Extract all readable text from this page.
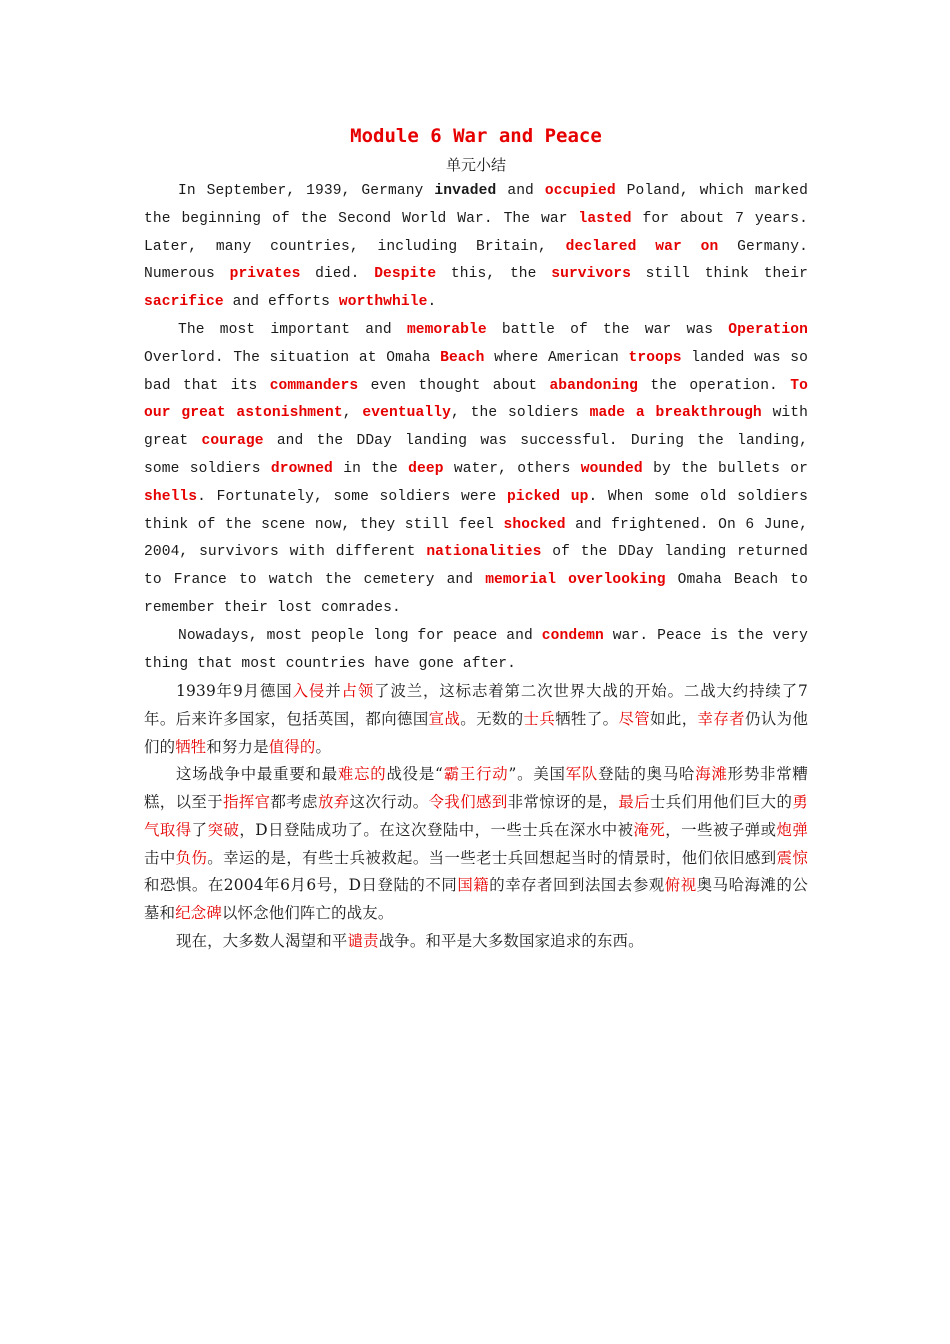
Module 6 War and Peace
单元小结

In September, 1939, Germany invaded and occupied Poland, which marked the beginning of the Second World War. The war lasted for about 7 years. Later, many countries, including Britain, declared war on Germany. Numerous privates died. Despite this, the survivors still think their sacrifice and efforts worthwhile.

The most important and memorable battle of the war was Operation Overlord. The situation at Omaha Beach where American troops landed was so bad that its commanders even thought about abandoning the operation. To our great astonishment, eventually, the soldiers made a breakthrough with great courage and the DDay landing was successful. During the landing, some soldiers drowned in the deep water, others wounded by the bullets or shells. Fortunately, some soldiers were picked up. When some old soldiers think of the scene now, they still feel shocked and frightened. On 6 June, 2004, survivors with different nationalities of the DDay landing returned to France to watch the cemetery and memorial overlooking Omaha Beach to remember their lost comrades.

Nowadays, most people long for peace and condemn war. Peace is the very thing that most countries have gone after.

1939年9月德国入侵并占领了波兰，这标志着第二次世界大战的开始。二战大约持续了7年。后来许多国家，包括英国，都向德国宣战。无数的士兵牺牲了。尽管如此，幸存者仍认为他们的牺牲和努力是值得的。

这场战争中最重要和最难忘的战役是“霸王行动”。美国军队登陆的奥马哈海滩形势非常糟糕，以至于指挥官都考虑放弃这次行动。令我们感到非常惊讶的是，最后士兵们用他们巨大的勇气取得了突破，D日登陆成功了。在这次登陆中，一些士兵在深水中被淹死，一些被子弹或炮弹击中负伤。幸运的是，有些士兵被救起。当一些老士兵回想起当时的情景时，他们依旧感到震惊和恐惧。在2004年6月6号，D日登陆的不同国籍的幸存者回到法国去参观俯视奥马哈海滩的公墓和纪念碑以怀念他们阵亡的战友。

现在，大多数人渴望和平谴责战争。和平是大多数国家追求的东西。
